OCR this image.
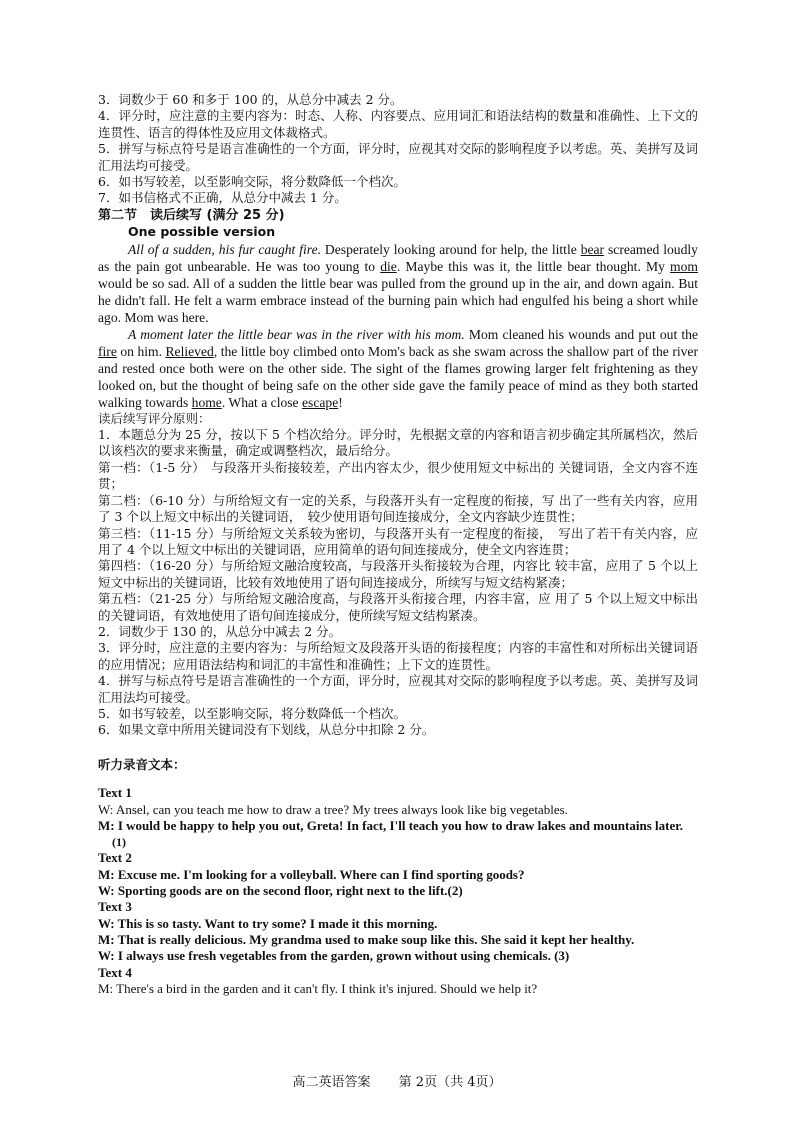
3．词数少于 60 和多于 100 的，从总分中减去 2 分。

4．评分时，应注意的主要内容为：时态、人称、内容要点、应用词汇和语法结构的数量和准确性、上下文的连贯性、语言的得体性及应用文体裁格式。

5．拼写与标点符号是语言准确性的一个方面，评分时，应视其对交际的影响程度予以考虑。英、美拼写及词汇用法均可接受。

6．如书写较差，以至影响交际，将分数降低一个档次。

7．如书信格式不正确，从总分中减去 1 分。

第二节　读后续写 (满分 25 分)

One possible version

All of a sudden, his fur caught fire. Desperately looking around for help, the little bear screamed loudly as the pain got unbearable. He was too young to die. Maybe this was it, the little bear thought. My mom would be so sad. All of a sudden the little bear was pulled from the ground up in the air, and down again. But he didn't fall. He felt a warm embrace instead of the burning pain which had engulfed his being a short while ago. Mom was here.

A moment later the little bear was in the river with his mom. Mom cleaned his wounds and put out the fire on him. Relieved, the little boy climbed onto Mom's back as she swam across the shallow part of the river and rested once both were on the other side. The sight of the flames growing larger felt frightening as they looked on, but the thought of being safe on the other side gave the family peace of mind as they both started walking towards home. What a close escape!

读后续写评分原则：

1．本题总分为 25 分，按以下 5 个档次给分。评分时，先根据文章的内容和语言初步确定其所属档次，然后以该档次的要求来衡量，确定或调整档次，最后给分。

第一档：（1-5 分）　与段落开头衔接较差，产出内容太少，很少使用短文中标出的 关键词语，全文内容不连贯；

第二档：（6-10 分）与所给短文有一定的关系，与段落开头有一定程度的衔接，写 出了一些有关内容，应用了 3 个以上短文中标出的关键词语，　较少使用语句间连接成分，全文内容缺少连贯性；

第三档：（11-15 分）与所给短文关系较为密切，与段落开头有一定程度的衔接，　写出了若干有关内容，应用了 4 个以上短文中标出的关键词语，应用简单的语句间连接成分，使全文内容连贯；

第四档：（16-20 分）与所给短文融洽度较高，与段落开头衔接较为合理，内容比 较丰富，应用了 5 个以上短文中标出的关键词语，比较有效地使用了语句间连接成分，所续写与短文结构紧凑；

第五档：（21-25 分）与所给短文融洽度高，与段落开头衔接合理，内容丰富，应 用了 5 个以上短文中标出的关键词语，有效地使用了语句间连接成分，使所续写短文结构紧凑。

2．词数少于 130 的，从总分中减去 2 分。

3．评分时，应注意的主要内容为：与所给短文及段落开头语的衔接程度；内容的丰富性和对所标出关键词语的应用情况；应用语法结构和词汇的丰富性和准确性；上下文的连贯性。

4．拼写与标点符号是语言准确性的一个方面，评分时，应视其对交际的影响程度予以考虑。英、美拼写及词汇用法均可接受。

5．如书写较差，以至影响交际，将分数降低一个档次。

6．如果文章中所用关键词没有下划线，从总分中扣除 2 分。

听力录音文本：

Text 1

W: Ansel, can you teach me how to draw a tree? My trees always look like big vegetables.

M: I would be happy to help you out, Greta! In fact, I'll teach you how to draw lakes and mountains later.

(1)

Text 2

M: Excuse me. I'm looking for a volleyball. Where can I find sporting goods?

W: Sporting goods are on the second floor, right next to the lift.(2)

Text 3

W: This is so tasty. Want to try some? I made it this morning.

M: That is really delicious. My grandma used to make soup like this. She said it kept her healthy.

W: I always use fresh vegetables from the garden, grown without using chemicals. (3)

Text 4

M: There's a bird in the garden and it can't fly. I think it's injured. Should we help it?

高二英语答案 第 2页（共 4页）
